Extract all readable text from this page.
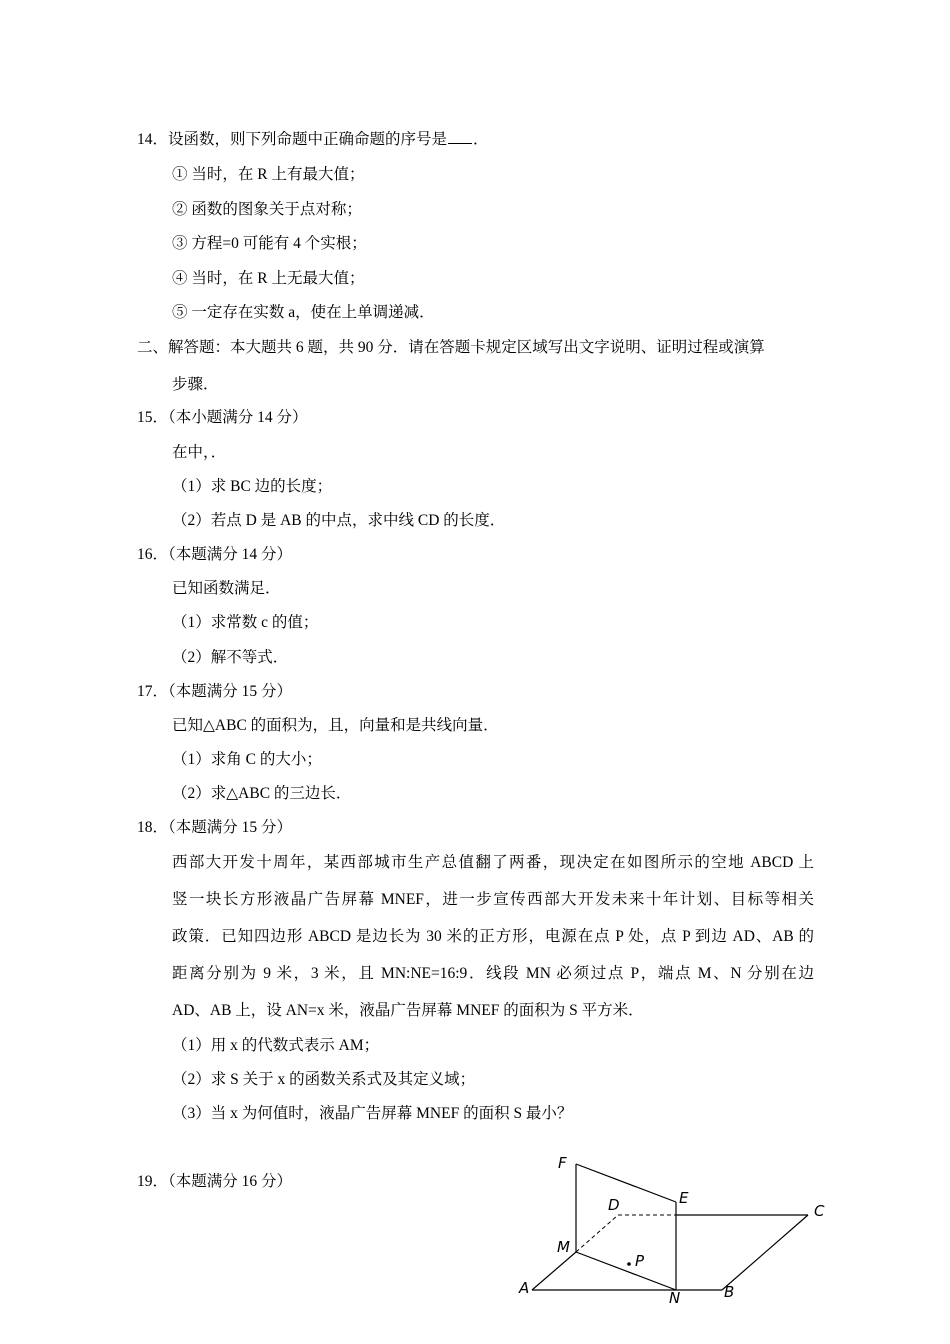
14．设函数，则下列命题中正确命题的序号是 ．
① 当时，在 R 上有最大值；
② 函数的图象关于点对称；
③ 方程=0 可能有 4 个实根；
④ 当时，在 R 上无最大值；
⑤ 一定存在实数 a，使在上单调递减．
二、解答题：本大题共 6 题，共 90 分．请在答题卡规定区域写出文字说明、证明过程或演算
步骤．
15．（本小题满分 14 分）
在中，．
（1）求 BC 边的长度；
（2）若点 D 是 AB 的中点，求中线 CD 的长度．
16．（本题满分 14 分）
已知函数满足．
（1）求常数 c 的值；
（2）解不等式．
17．（本题满分 15 分）
已知△ABC 的面积为，且，向量和是共线向量．
（1）求角 C 的大小；
（2）求△ABC 的三边长．
18．（本题满分 15 分）
西部大开发十周年，某西部城市生产总值翻了两番，现决定在如图所示的空地 ABCD 上
竖一块长方形液晶广告屏幕 MNEF，进一步宣传西部大开发未来十年计划、目标等相关
政策．已知四边形 ABCD 是边长为 30 米的正方形，电源在点 P 处，点 P 到边 AD、AB 的
距离分别为 9 米，3 米，且 MN:NE=16:9．线段 MN 必须过点 P，端点 M、N 分别在边
AD、AB 上，设 AN=x 米，液晶广告屏幕 MNEF 的面积为 S 平方米．
（1）用 x 的代数式表示 AM；
（2）求 S 关于 x 的函数关系式及其定义域；
（3）当 x 为何值时，液晶广告屏幕 MNEF 的面积 S 最小？
19．（本题满分 16 分）
F
D	E
C
M
P
A
N	B
